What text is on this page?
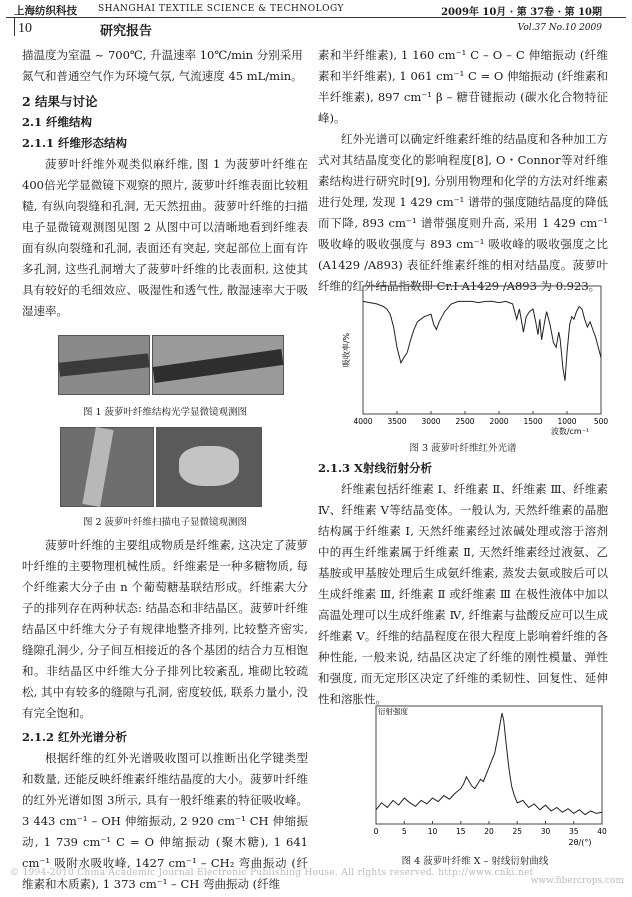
上海纺织科技 SHANGHAI TEXTILE SCIENCE & TECHNOLOGY	2009年 10月 · 第 37卷 · 第 10期
10	研究报告	Vol.37 No.10 2009

描温度为室温 ~ 700℃, 升温速率 10℃/min 分别采用

氮气和普通空气作为环境气氛, 气流速度 45 mL/min。

2 结果与讨论

2.1 纤维结构

2.1.1 纤维形态结构

菠萝叶纤维外观类似麻纤维, 图 1 为菠萝叶纤维在 400倍光学显微镜下观察的照片, 菠萝叶纤维表面比较粗糙, 有纵向裂缝和孔洞, 无天然扭曲。菠萝叶纤维的扫描电子显微镜观测图见图 2 从图中可以清晰地看到纤维表面有纵向裂缝和孔洞, 表面还有突起, 突起部位上面有许多孔洞, 这些孔洞增大了菠萝叶纤维的比表面积, 这使其具有较好的毛细效应、吸湿性和透气性, 散湿速率大于吸湿速率。

图 1 菠萝叶纤维结构光学显微镜观测图
图 2 菠萝叶纤维扫描电子显微镜观测图

菠萝叶纤维的主要组成物质是纤维素, 这决定了菠萝叶纤维的主要物理机械性质。纤维素是一种多糖物质, 每个纤维素大分子由 n 个葡萄糖基联结形成。纤维素大分子的排列存在两种状态: 结晶态和非结晶区。菠萝叶纤维结晶区中纤维大分子有规律地整齐排列, 比较整齐密实, 缝隙孔洞少, 分子间互相接近的各个基团的结合力互相饱和。非结晶区中纤维大分子排列比较紊乱, 堆砌比较疏松, 其中有较多的缝隙与孔洞, 密度较低, 联系力量小, 没有完全饱和。

2.1.2 红外光谱分析

根据纤维的红外光谱吸收图可以推断出化学键类型和数量, 还能反映纤维素纤维结晶度的大小。菠萝叶纤维的红外光谱如图 3所示, 具有一般纤维素的特征吸收峰。3 443 cm⁻¹ – OH 伸缩振动, 2 920 cm⁻¹ CH 伸缩振动, 1 739 cm⁻¹ C = O 伸缩振动 (聚木糖), 1 641 cm⁻¹ 吸附水吸收峰, 1427 cm⁻¹ – CH₂ 弯曲振动 (纤维素和木质素), 1 373 cm⁻¹ – CH 弯曲振动 (纤维

素和半纤维素), 1 160 cm⁻¹ C – O – C 伸缩振动 (纤维素和半纤维素), 1 061 cm⁻¹ C = O 伸缩振动 (纤维素和半纤维素), 897 cm⁻¹ β – 糖苷键振动 (碳水化合物特征峰)。

红外光谱可以确定纤维素纤维的结晶度和各种加工方式对其结晶度变化的影响程度[8], O・Connor等对纤维素结构进行研究时[9], 分别用物理和化学的方法对纤维素进行处理, 发现 1 429 cm⁻¹ 谱带的强度随结晶度的降低而下降, 893 cm⁻¹ 谱带强度则升高, 采用 1 429 cm⁻¹ 吸收峰的吸收强度与 893 cm⁻¹ 吸收峰的吸收强度之比 (A1429 /A893) 表征纤维素纤维的相对结晶度。菠萝叶纤维的红外结晶指数即 Cr.I A1429 /A893 为 0.923。

吸收率/%
4000 3500 3000 2500 2000 1500 1000 500
波数/cm⁻¹
图 3 菠萝叶纤维红外光谱

2.1.3 X射线衍射分析

纤维素包括纤维素 Ⅰ、纤维素 Ⅱ、纤维素 Ⅲ、纤维素 Ⅳ、纤维素 Ⅴ等结晶变体。一般认为, 天然纤维素的晶胞结构属于纤维素 Ⅰ, 天然纤维素经过浓碱处理或溶于溶剂中的再生纤维素属于纤维素 Ⅱ, 天然纤维素经过液氨、乙基胺或甲基胺处理后生成氨纤维素, 蒸发去氨或胺后可以生成纤维素 Ⅲ, 纤维素 Ⅱ 或纤维素 Ⅲ 在极性液体中加以高温处理可以生成纤维素 Ⅳ, 纤维素与盐酸反应可以生成纤维素 Ⅴ。纤维的结晶程度在很大程度上影响着纤维的各种性能, 一般来说, 结晶区决定了纤维的刚性模量、弹性和强度, 而无定形区决定了纤维的柔韧性、回复性、延伸性和溶胀性。

衍射强度
0	5	10 15 20 25 30 35 40
2θ/(°)
图 4 菠萝叶纤维 X – 射线衍射曲线
© 1994-2010 China Academic Journal Electronic Publishing House. All rights reserved. http://www.cnki.net
www.fibercrops.com
